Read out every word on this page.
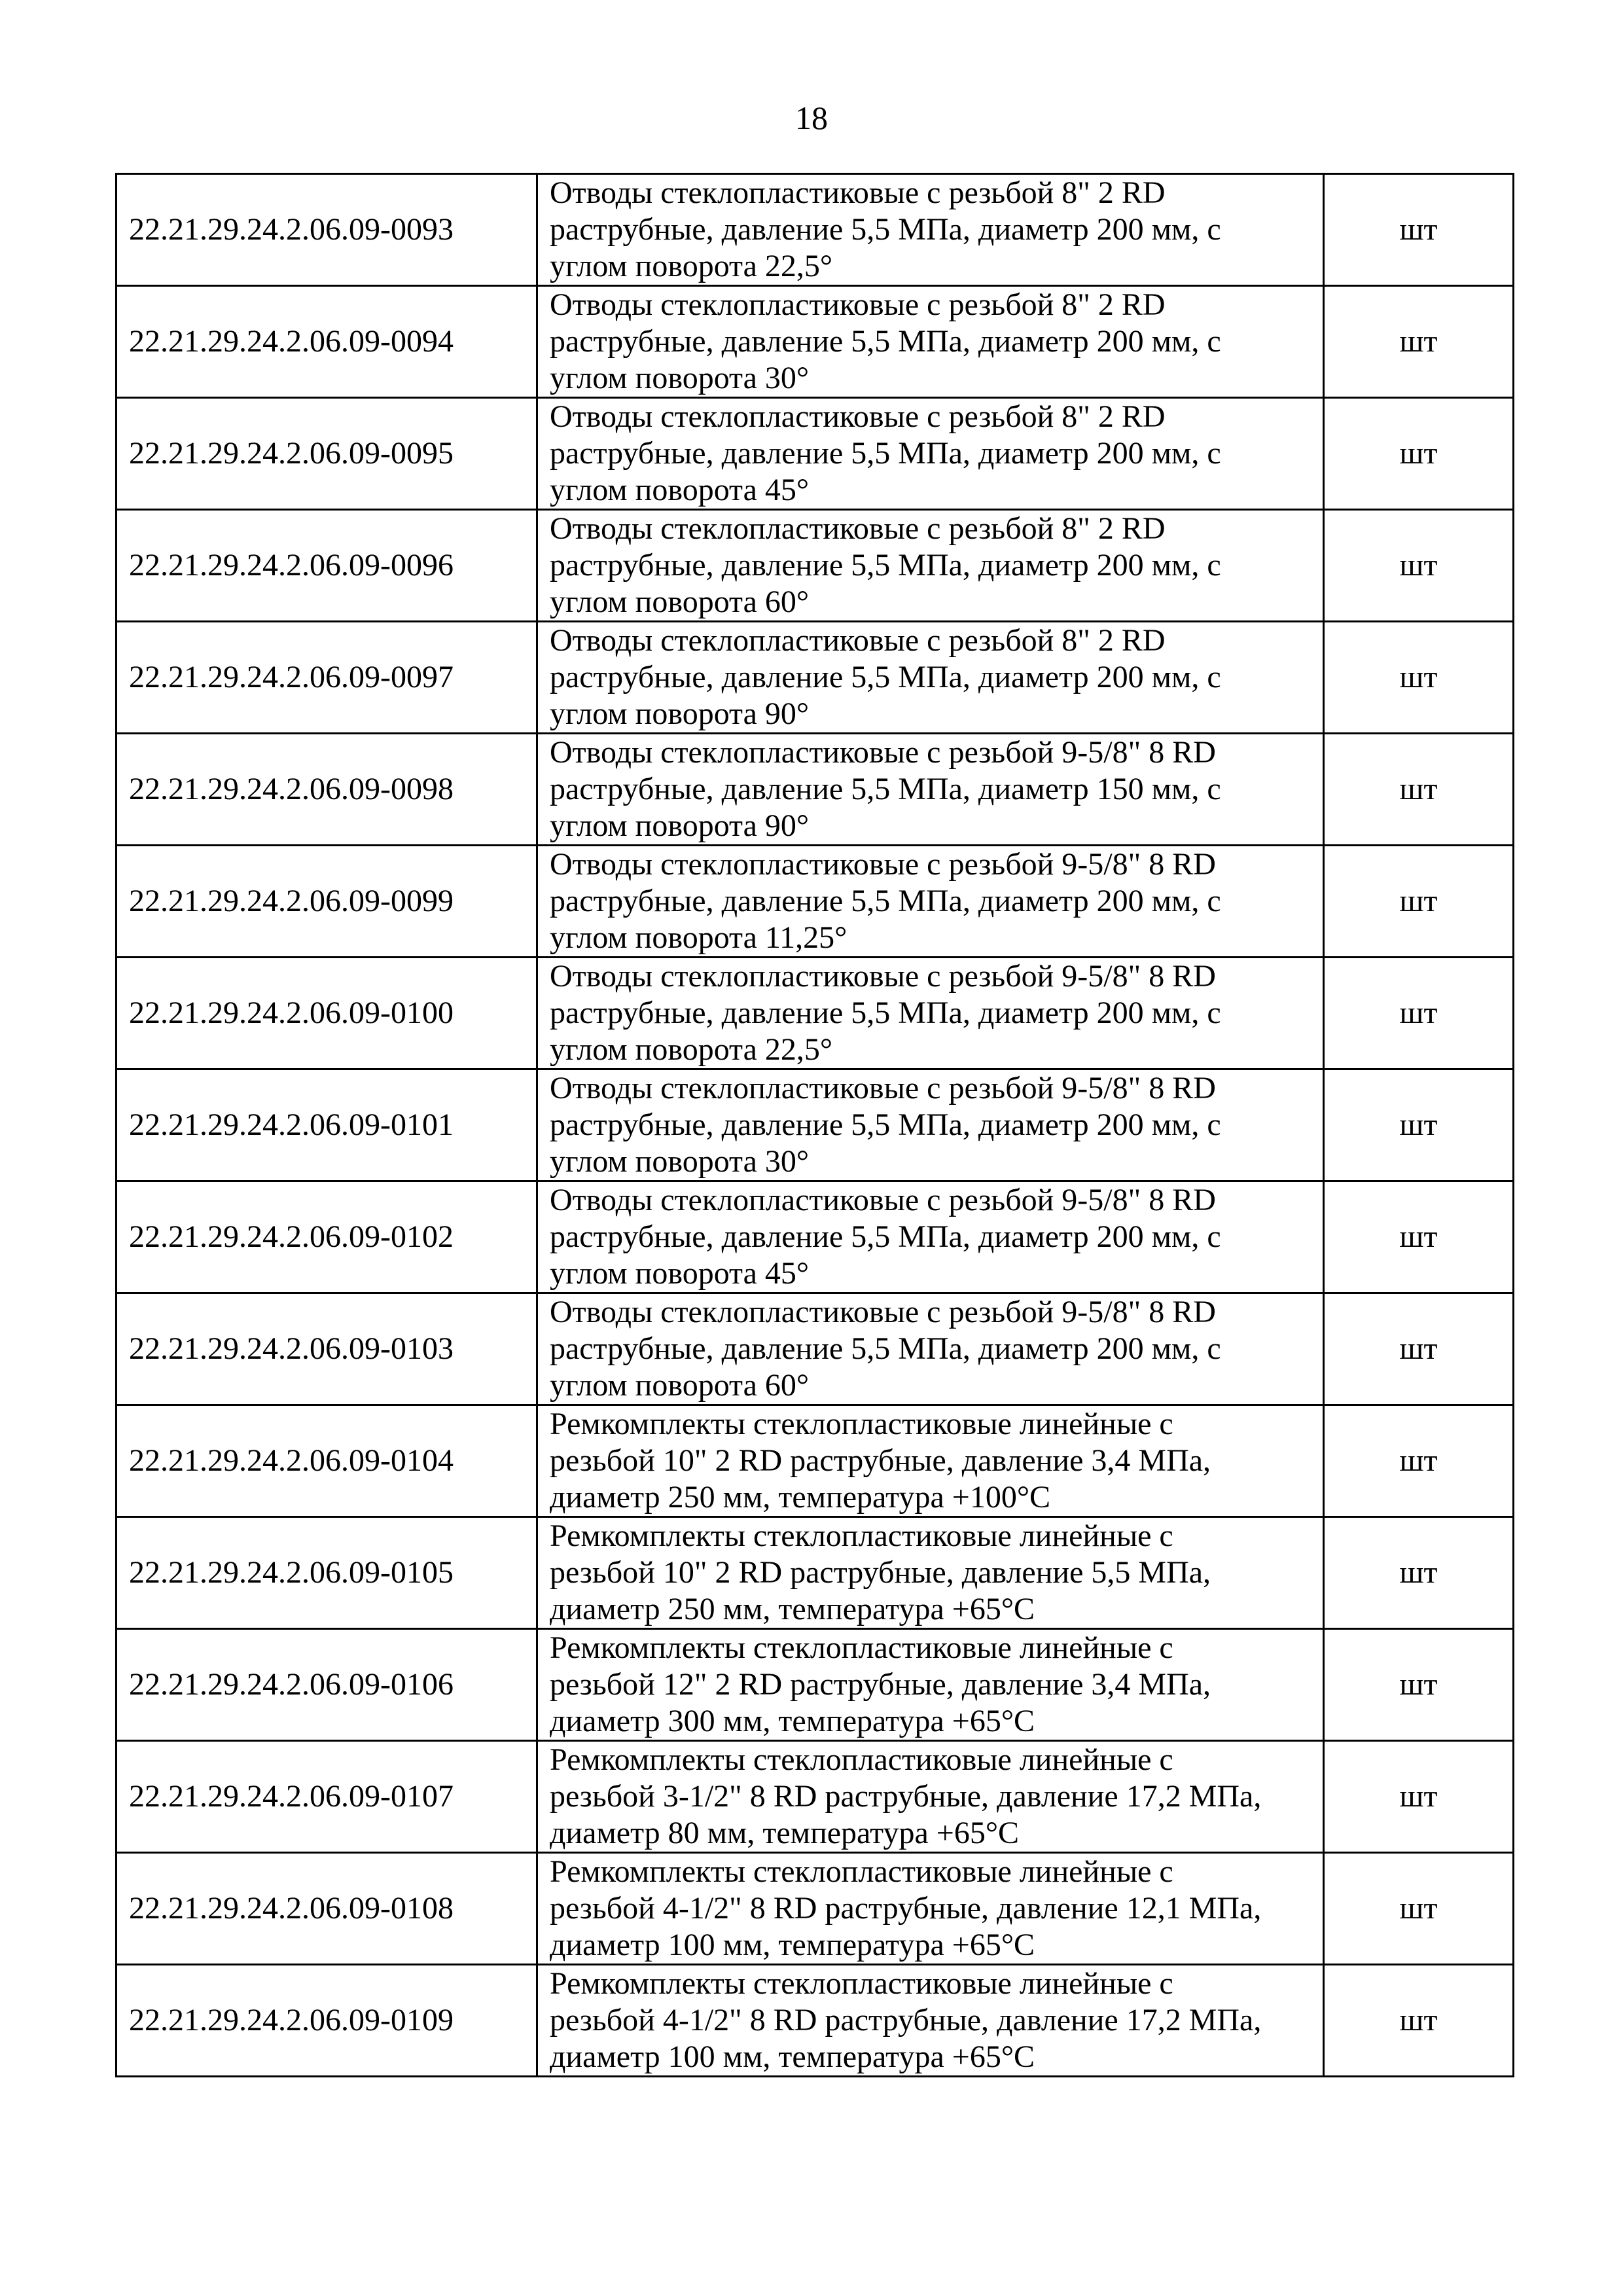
18
22.21.29.24.2.06.09-0093	Отводы стеклопластиковые с резьбой 8" 2 RD
раструбные, давление 5,5 МПа, диаметр 200 мм, с
углом поворота 22,5°	шт
22.21.29.24.2.06.09-0094	Отводы стеклопластиковые с резьбой 8" 2 RD
раструбные, давление 5,5 МПа, диаметр 200 мм, с
углом поворота 30°	шт
22.21.29.24.2.06.09-0095	Отводы стеклопластиковые с резьбой 8" 2 RD
раструбные, давление 5,5 МПа, диаметр 200 мм, с
углом поворота 45°	шт
22.21.29.24.2.06.09-0096	Отводы стеклопластиковые с резьбой 8" 2 RD
раструбные, давление 5,5 МПа, диаметр 200 мм, с
углом поворота 60°	шт
22.21.29.24.2.06.09-0097	Отводы стеклопластиковые с резьбой 8" 2 RD
раструбные, давление 5,5 МПа, диаметр 200 мм, с
углом поворота 90°	шт
22.21.29.24.2.06.09-0098	Отводы стеклопластиковые с резьбой 9-5/8" 8 RD
раструбные, давление 5,5 МПа, диаметр 150 мм, с
углом поворота 90°	шт
22.21.29.24.2.06.09-0099	Отводы стеклопластиковые с резьбой 9-5/8" 8 RD
раструбные, давление 5,5 МПа, диаметр 200 мм, с
углом поворота 11,25°	шт
22.21.29.24.2.06.09-0100	Отводы стеклопластиковые с резьбой 9-5/8" 8 RD
раструбные, давление 5,5 МПа, диаметр 200 мм, с
углом поворота 22,5°	шт
22.21.29.24.2.06.09-0101	Отводы стеклопластиковые с резьбой 9-5/8" 8 RD
раструбные, давление 5,5 МПа, диаметр 200 мм, с
углом поворота 30°	шт
22.21.29.24.2.06.09-0102	Отводы стеклопластиковые с резьбой 9-5/8" 8 RD
раструбные, давление 5,5 МПа, диаметр 200 мм, с
углом поворота 45°	шт
22.21.29.24.2.06.09-0103	Отводы стеклопластиковые с резьбой 9-5/8" 8 RD
раструбные, давление 5,5 МПа, диаметр 200 мм, с
углом поворота 60°	шт
22.21.29.24.2.06.09-0104	Ремкомплекты стеклопластиковые линейные с
резьбой 10" 2 RD раструбные, давление 3,4 МПа,
диаметр 250 мм, температура +100°С	шт
22.21.29.24.2.06.09-0105	Ремкомплекты стеклопластиковые линейные с
резьбой 10" 2 RD раструбные, давление 5,5 МПа,
диаметр 250 мм, температура +65°С	шт
22.21.29.24.2.06.09-0106	Ремкомплекты стеклопластиковые линейные с
резьбой 12" 2 RD раструбные, давление 3,4 МПа,
диаметр 300 мм, температура +65°С	шт
22.21.29.24.2.06.09-0107	Ремкомплекты стеклопластиковые линейные с
резьбой 3-1/2" 8 RD раструбные, давление 17,2 МПа,
диаметр 80 мм, температура +65°С	шт
22.21.29.24.2.06.09-0108	Ремкомплекты стеклопластиковые линейные с
резьбой 4-1/2" 8 RD раструбные, давление 12,1 МПа,
диаметр 100 мм, температура +65°С	шт
22.21.29.24.2.06.09-0109	Ремкомплекты стеклопластиковые линейные с
резьбой 4-1/2" 8 RD раструбные, давление 17,2 МПа,
диаметр 100 мм, температура +65°С	шт
